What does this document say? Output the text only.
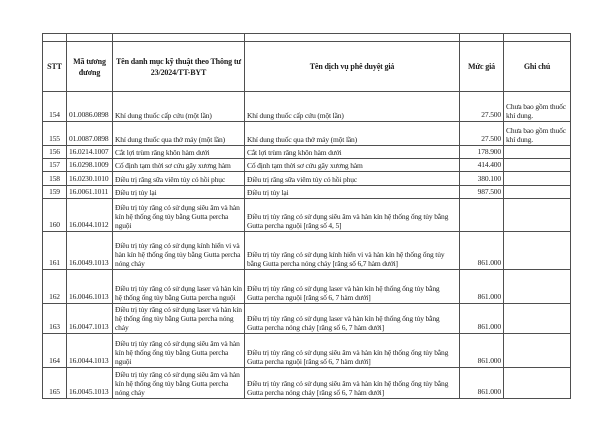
STT	Mã tương đương	Tên danh mục kỹ thuật theo Thông tư 23/2024/TT-BYT	Tên dịch vụ phê duyệt giá	Mức giá	Ghi chú
154	01.0086.0898	Khí dung thuốc cấp cứu (một lần)	Khí dung thuốc cấp cứu (một lần)	27.500	Chưa bao gồm thuốc khí dung.
155	01.0087.0898	Khí dung thuốc qua thở máy (một lần)	Khí dung thuốc qua thở máy (một lần)	27.500	Chưa bao gồm thuốc khí dung.
156	16.0214.1007	Cắt lợi trùm răng khôn hàm dưới	Cắt lợi trùm răng khôn hàm dưới	178.900	
157	16.0298.1009	Cố định tạm thời sơ cứu gãy xương hàm	Cố định tạm thời sơ cứu gãy xương hàm	414.400	
158	16.0230.1010	Điều trị răng sữa viêm tủy có hồi phục	Điều trị răng sữa viêm tủy có hồi phục	380.100	
159	16.0061.1011	Điều trị tủy lại	Điều trị tủy lại	987.500	
160	16.0044.1012	Điều trị tủy răng có sử dụng siêu âm và hàn kín hệ thống ống tủy bằng Gutta percha nguội	Điều trị tủy răng có sử dụng siêu âm và hàn kín hệ thống ống tủy bằng Gutta percha nguội [răng số 4, 5]		
161	16.0049.1013	Điều trị tủy răng có sử dụng kính hiển vi và hàn kín hệ thống ống tủy bằng Gutta percha nóng chảy	Điều trị tủy răng có sử dụng kính hiển vi và hàn kín hệ thống ống tủy bằng Gutta percha nóng chảy [răng số 6,7 hàm dưới]	861.000	
162	16.0046.1013	Điều trị tủy răng có sử dụng laser và hàn kín hệ thống ống tủy bằng Gutta percha nguội	Điều trị tủy răng có sử dụng laser và hàn kín hệ thống ống tủy bằng Gutta percha nguội [răng số 6, 7 hàm dưới]	861.000	
163	16.0047.1013	Điều trị tủy răng có sử dụng laser và hàn kín hệ thống ống tủy bằng Gutta percha nóng chảy	Điều trị tủy răng có sử dụng laser và hàn kín hệ thống ống tủy bằng Gutta percha nóng chảy [răng số 6, 7 hàm dưới]	861.000	
164	16.0044.1013	Điều trị tủy răng có sử dụng siêu âm và hàn kín hệ thống ống tủy bằng Gutta percha nguội	Điều trị tủy răng có sử dụng siêu âm và hàn kín hệ thống ống tủy bằng Gutta percha nguội [răng số 6, 7 hàm dưới]	861.000	
165	16.0045.1013	Điều trị tủy răng có sử dụng siêu âm và hàn kín hệ thống ống tủy bằng Gutta percha nóng chảy	Điều trị tủy răng có sử dụng siêu âm và hàn kín hệ thống ống tủy bằng Gutta percha nóng chảy [răng số 6, 7 hàm dưới]	861.000	
